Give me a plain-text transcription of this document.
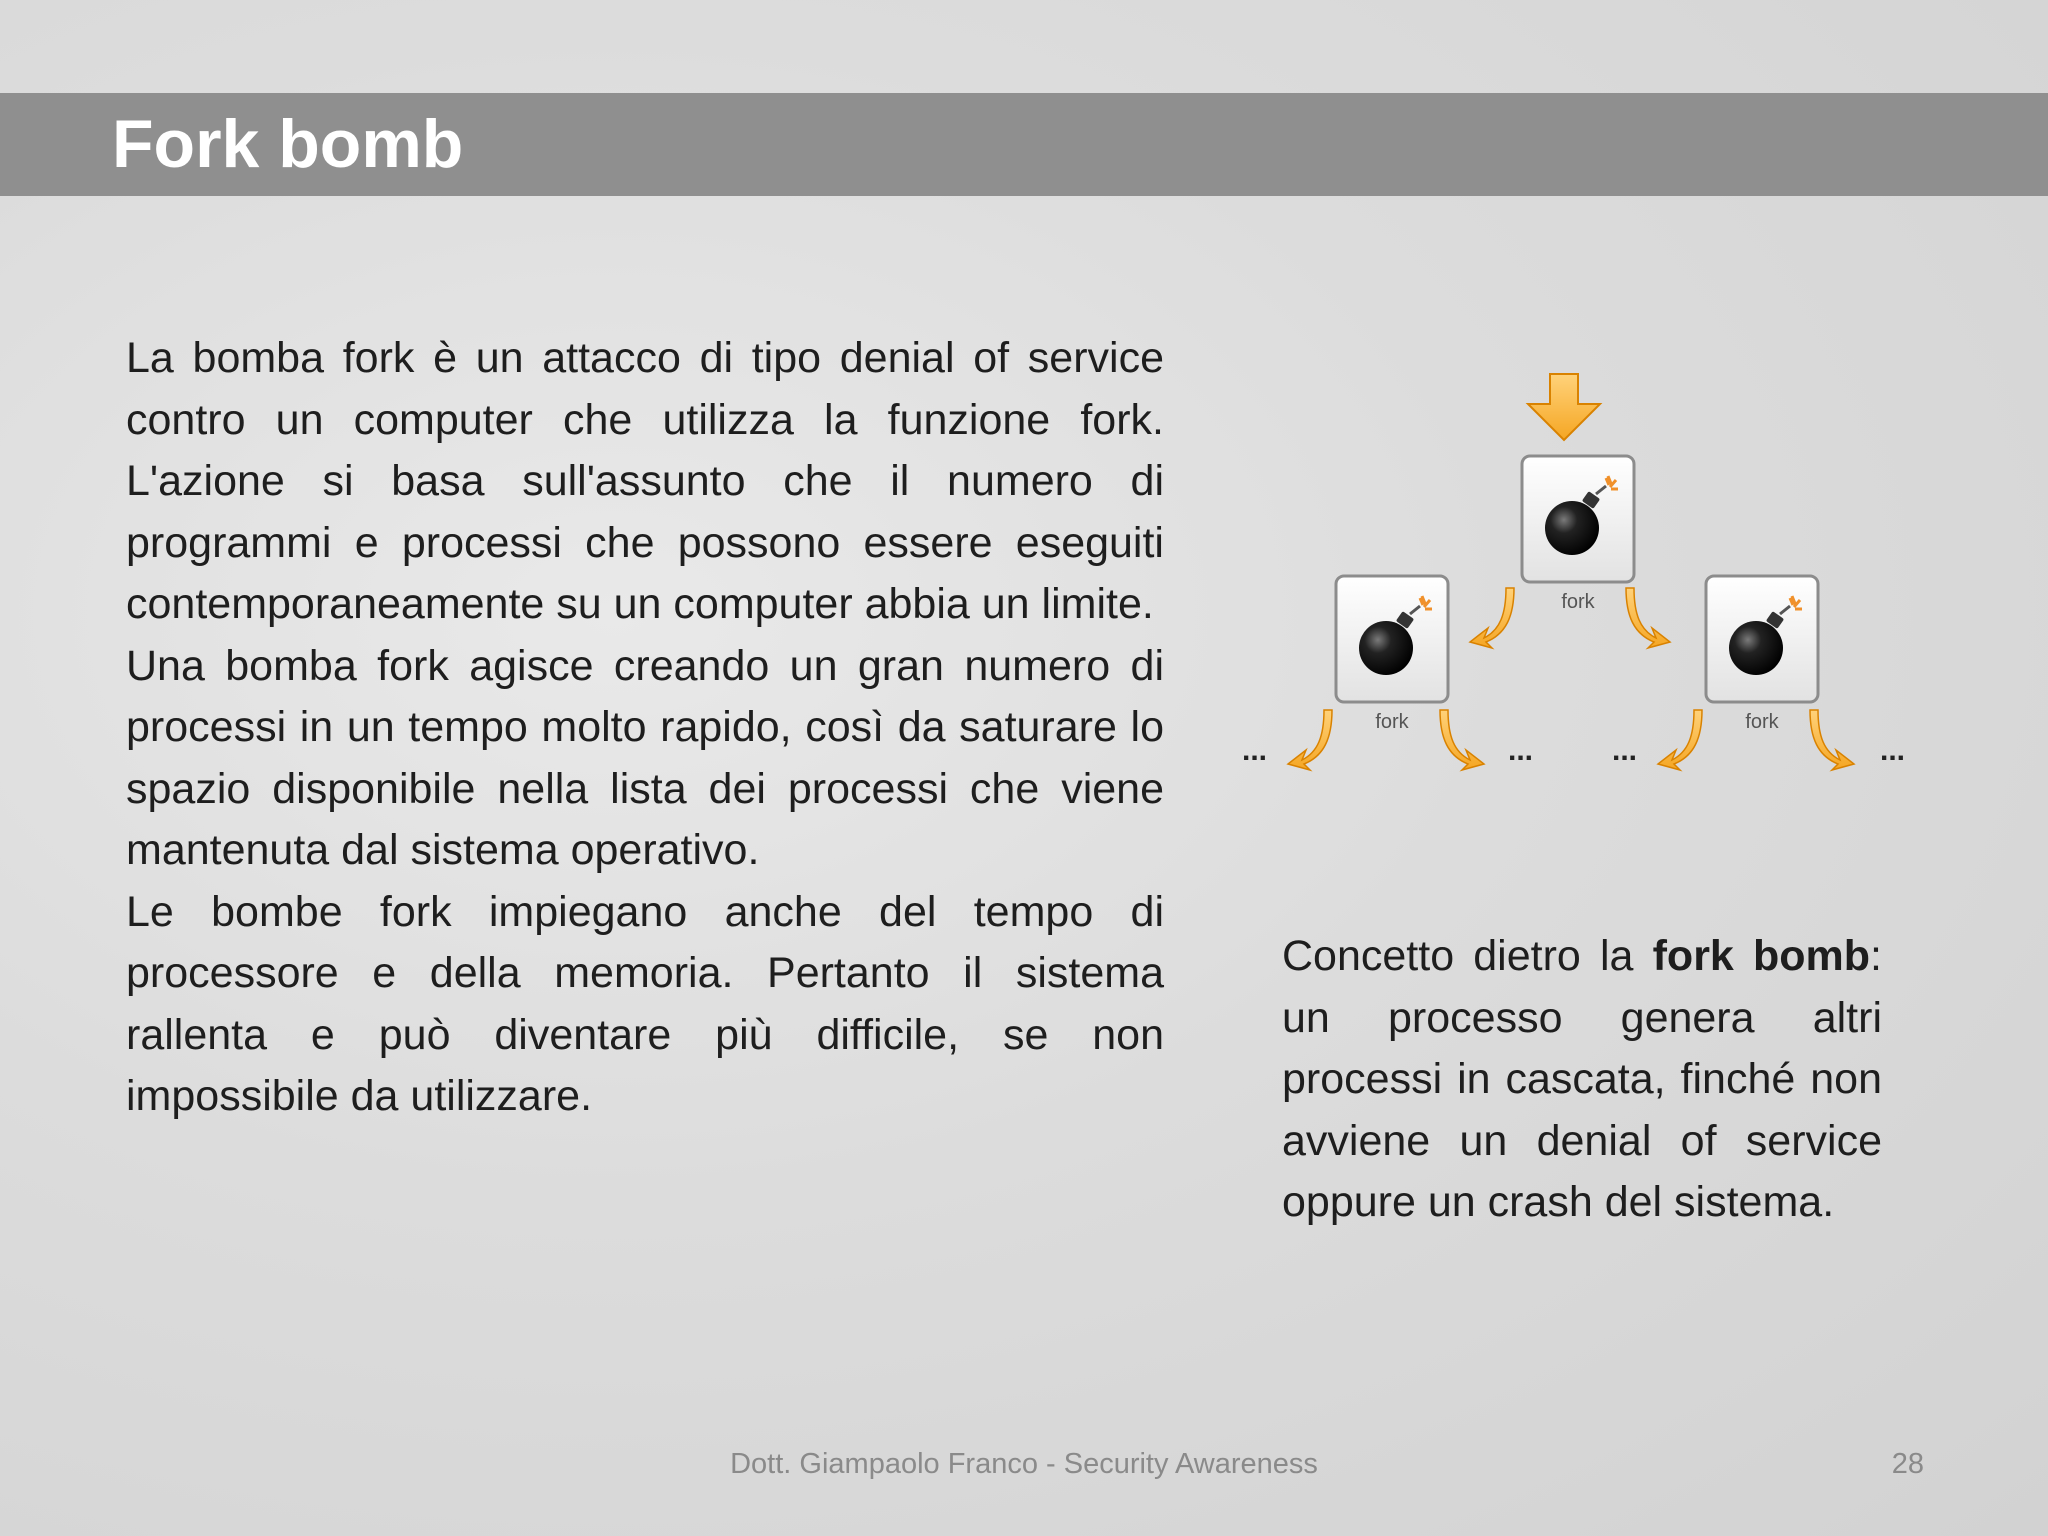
Fork bomb

La bomba fork è un attacco di tipo denial of service contro un computer che utilizza la funzione fork. L'azione si basa sull'assunto che il numero di programmi e processi che possono essere eseguiti contemporaneamente su un computer abbia un limite.

Una bomba fork agisce creando un gran numero di processi in un tempo molto rapido, così da saturare lo spazio disponibile nella lista dei processi che viene mantenuta dal sistema operativo.

Le bombe fork impiegano anche del tempo di processore e della memoria. Pertanto il sistema rallenta e può diventare più difficile, se non impossibile da utilizzare.

fork
fork	fork
...	...	...	...
Concetto dietro la fork bomb: un processo genera altri processi in cascata, finché non avviene un denial of service oppure un crash del sistema.
Dott. Giampaolo Franco - Security Awareness	28
